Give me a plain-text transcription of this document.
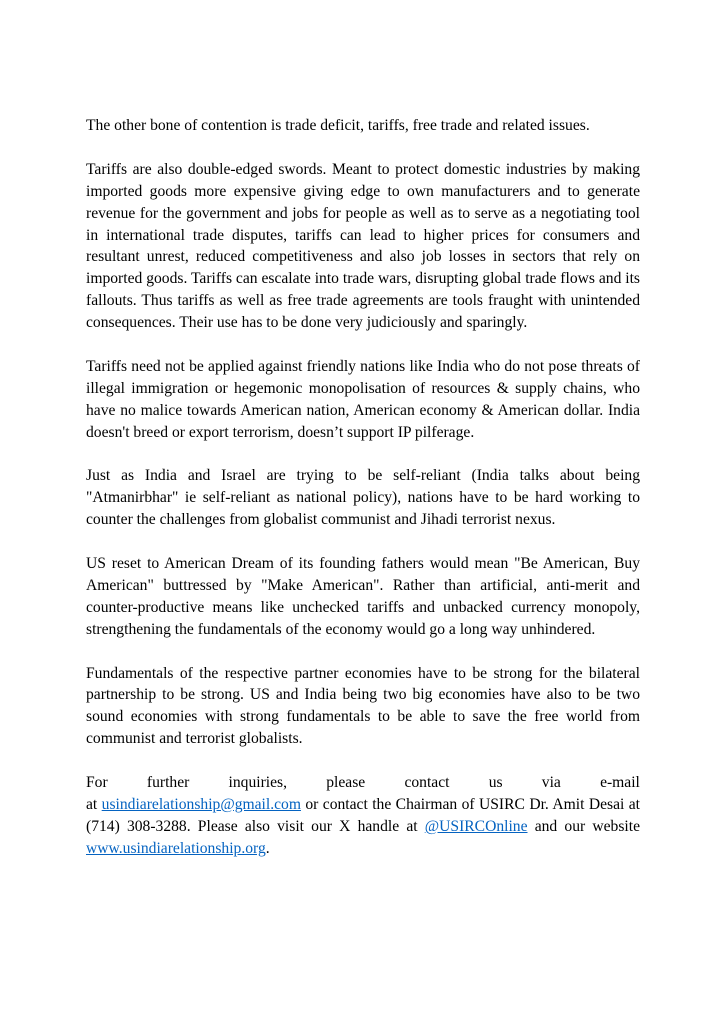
The other bone of contention is trade deficit, tariffs, free trade and related issues.

Tariffs are also double-edged swords. Meant to protect domestic industries by making imported goods more expensive giving edge to own manufacturers and to generate revenue for the government and jobs for people as well as to serve as a negotiating tool in international trade disputes, tariffs can lead to higher prices for consumers and resultant unrest, reduced competitiveness and also job losses in sectors that rely on imported goods. Tariffs can escalate into trade wars, disrupting global trade flows and its fallouts. Thus tariffs as well as free trade agreements are tools fraught with unintended consequences. Their use has to be done very judiciously and sparingly.

Tariffs need not be applied against friendly nations like India who do not pose threats of illegal immigration or hegemonic monopolisation of resources & supply chains, who have no malice towards American nation, American economy & American dollar. India doesn't breed or export terrorism, doesn’t support IP pilferage.

Just as India and Israel are trying to be self-reliant (India talks about being "Atmanirbhar" ie self-reliant as national policy), nations have to be hard working to counter the challenges from globalist communist and Jihadi terrorist nexus.

US reset to American Dream of its founding fathers would mean "Be American, Buy American" buttressed by "Make American". Rather than artificial, anti-merit and counter-productive means like unchecked tariffs and unbacked currency monopoly, strengthening the fundamentals of the economy would go a long way unhindered.

Fundamentals of the respective partner economies have to be strong for the bilateral partnership to be strong. US and India being two big economies have also to be two sound economies with strong fundamentals to be able to save the free world from communist and terrorist globalists.

For	further	inquiries,	please	contact	us	via	e-mail

at usindiarelationship@gmail.com or contact the Chairman of USIRC Dr. Amit Desai at (714) 308-3288. Please also visit our X handle at @USIRCOnline and our website www.usindiarelationship.org.
